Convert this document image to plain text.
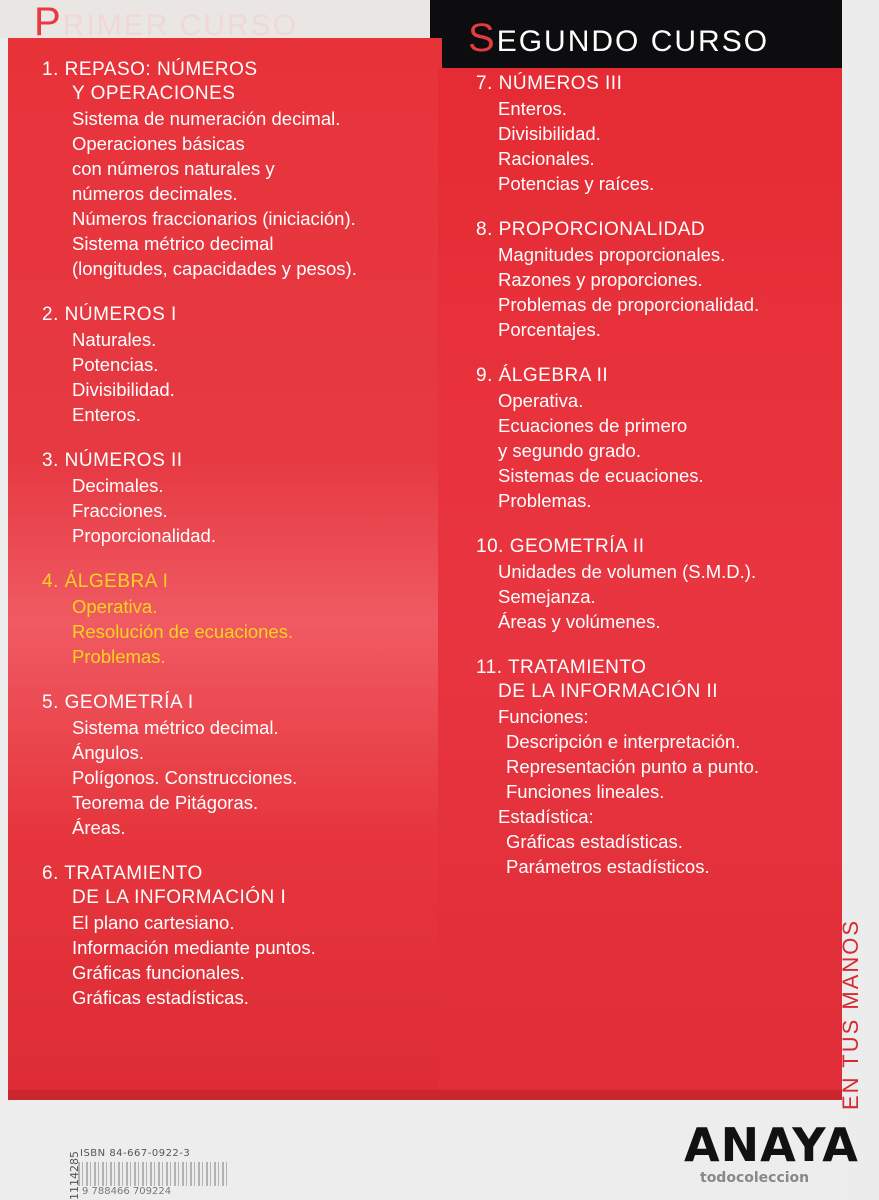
PRIMER CURSO	SEGUNDO CURSO
1. REPASO: NÚMEROS
Y OPERACIONES
Sistema de numeración decimal.
Operaciones básicas
con números naturales y
números decimales.
Números fraccionarios (iniciación).
Sistema métrico decimal
(longitudes, capacidades y pesos).
2. NÚMEROS I
Naturales.
Potencias.
Divisibilidad.
Enteros.
3. NÚMEROS II
Decimales.
Fracciones.
Proporcionalidad.
4. ÁLGEBRA I
Operativa.
Resolución de ecuaciones.
Problemas.
5. GEOMETRÍA I
Sistema métrico decimal.
Ángulos.
Polígonos. Construcciones.
Teorema de Pitágoras.
Áreas.
6. TRATAMIENTO
DE LA INFORMACIÓN I
El plano cartesiano.
Información mediante puntos.
Gráficas funcionales.
Gráficas estadísticas.
7. NÚMEROS III
Enteros.
Divisibilidad.
Racionales.
Potencias y raíces.
8. PROPORCIONALIDAD
Magnitudes proporcionales.
Razones y proporciones.
Problemas de proporcionalidad.
Porcentajes.
9. ÁLGEBRA II
Operativa.
Ecuaciones de primero
y segundo grado.
Sistemas de ecuaciones.
Problemas.
10. GEOMETRÍA II
Unidades de volumen (S.M.D.).
Semejanza.
Áreas y volúmenes.
11. TRATAMIENTO
DE LA INFORMACIÓN II
Funciones:
Descripción e interpretación.
Representación punto a punto.
Funciones lineales.
Estadística:
Gráficas estadísticas.
Parámetros estadísticos.
EN TUS MANOS
ISBN 84-667-0922-3
9 788466 709224
1114285
ANAYA
todocoleccion
